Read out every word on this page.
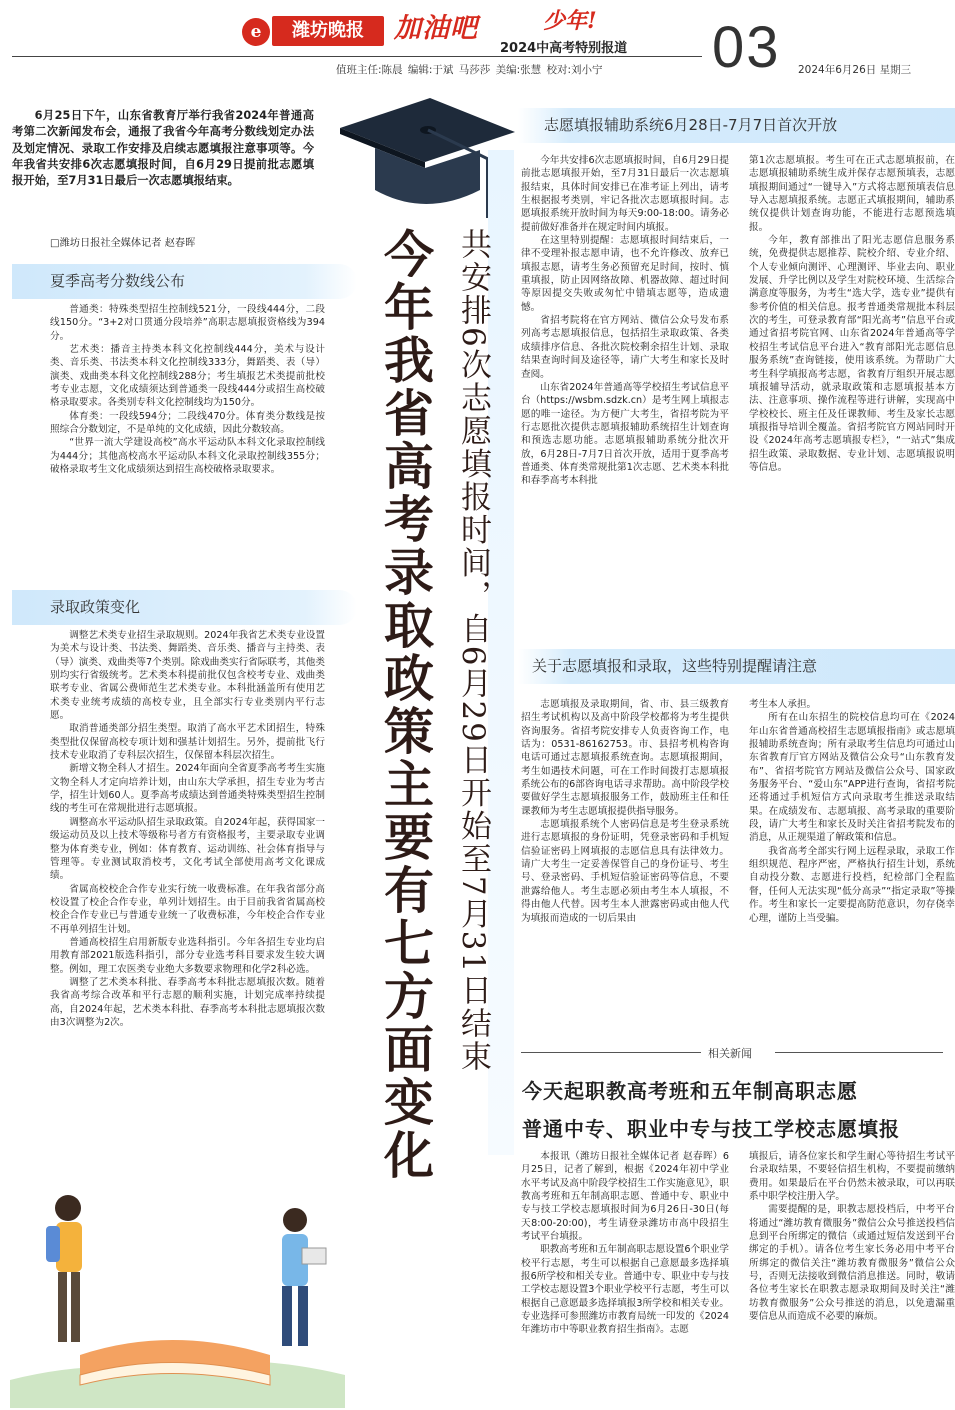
e	潍坊晚报	加油吧	少年!
2024中高考特别报道
值班主任:陈晨 编辑:于斌 马莎莎 美编:张慧 校对:刘小宁 03 2024年6月26日 星期三

6月25日下午，山东省教育厅举行我省2024年普通高考第二次新闻发布会，通报了我省今年高考分数线划定办法及划定情况、录取工作安排及启续志愿填报注意事项等。今年我省共安排6次志愿填报时间，自6月29日提前批志愿填报开始，至7月31日最后一次志愿填报结束。

□潍坊日报社全媒体记者 赵春晖	今年我省高考录取政策主要有七方面变化 共安排6次志愿填报时间，自6月29日开始至7月31日结束
夏季高考分数线公布

普通类：特殊类型招生控制线521分，一段线444分，二段线150分。“3+2对口贯通分段培养”高职志愿填报资格线为394分。

艺术类：播音主持类本科文化控制线444分，美术与设计类、音乐类、书法类本科文化控制线333分，舞蹈类、表（导）演类、戏曲类本科文化控制线288分；考生填报艺术类提前批校考专业志愿，文化成绩须达到普通类一段线444分或招生高校破格录取要求。各类别专科文化控制线均为150分。

体育类：一段线594分；二段线470分。体育类分数线是按照综合分数划定，不是单纯的文化成绩，因此分数较高。

“世界一流大学建设高校”高水平运动队本科文化录取控制线为444分；其他高校高水平运动队本科文化录取控制线355分；破格录取考生文化成绩须达到招生高校破格录取要求。

录取政策变化

调整艺术类专业招生录取规则。2024年我省艺术类专业设置为美术与设计类、书法类、舞蹈类、音乐类、播音与主持类、表（导）演类、戏曲类等7个类别。除戏曲类实行省际联考，其他类别均实行省级统考。艺术类本科提前批仅包含校考专业、戏曲类联考专业、省属公费师范生艺术类专业。本科批涵盖所有使用艺术类专业统考成绩的高校专业，且全部实行专业类别内平行志愿。

取消普通类部分招生类型。取消了高水平艺术团招生，特殊类型批仅保留高校专项计划和强基计划招生。另外，提前批飞行技术专业取消了专科层次招生，仅保留本科层次招生。

新增文物全科人才招生。2024年面向全省夏季高考考生实施文物全科人才定向培养计划，由山东大学承担，招生专业为考古学，招生计划60人。夏季高考成绩达到普通类特殊类型招生控制线的考生可在常规批进行志愿填报。

调整高水平运动队招生录取政策。自2024年起，获得国家一级运动员及以上技术等级称号者方有资格报考，主要录取专业调整为体育类专业，例如：体育教育、运动训练、社会体育指导与管理等。专业测试取消校考，文化考试全部使用高考文化课成绩。

省属高校校企合作专业实行统一收费标准。在年我省部分高校设置了校企合作专业，单列计划招生。由于目前我省省属高校校企合作专业已与普通专业统一了收费标准，今年校企合作专业不再单列招生计划。

普通高校招生启用新版专业选科指引。今年各招生专业均启用教育部2021版选科指引，部分专业选考科目要求发生较大调整。例如，理工农医类专业绝大多数要求物理和化学2科必选。

调整了艺术类本科批、春季高考本科批志愿填报次数。随着我省高考综合改革和平行志愿的顺利实施，计划完成率持续提高，自2024年起，艺术类本科批、春季高考本科批志愿填报次数由3次调整为2次。

志愿填报辅助系统6月28日-7月7日首次开放

今年共安排6次志愿填报时间，自6月29日提前批志愿填报开始，至7月31日最后一次志愿填报结束，具体时间安排已在准考证上列出，请考生根据报考类别，牢记各批次志愿填报时间。志愿填报系统开放时间为每天9:00-18:00。请务必提前做好准备并在规定时间内填报。

在这里特别提醒：志愿填报时间结束后，一律不受理补报志愿申请，也不允许修改、放弃已填报志愿，请考生务必预留充足时间，按时、慎重填报，防止因网络故障、机器故障、超过时间等原因提交失败或匆忙中错填志愿等，造成遗憾。

省招考院将在官方网站、微信公众号发布系列高考志愿填报信息，包括招生录取政策、各类成绩排序信息、各批次院校剩余招生计划、录取结果查询时间及途径等，请广大考生和家长及时查阅。

山东省2024年普通高等学校招生考试信息平台（https://wsbm.sdzk.cn）是考生网上填报志愿的唯一途径。为方便广大考生，省招考院为平行志愿批次提供志愿填报辅助系统招生计划查询和预选志愿功能。志愿填报辅助系统分批次开放，6月28日-7月7日首次开放，适用于夏季高考普通类、体育类常规批第1次志愿、艺术类本科批和春季高考本科批

第1次志愿填报。考生可在正式志愿填报前，在志愿填报辅助系统生成并保存志愿预填表，志愿填报期间通过“一键导入”方式将志愿预填表信息导入志愿填报系统。志愿正式填报期间，辅助系统仅提供计划查询功能，不能进行志愿预选填报。

今年，教育部推出了阳光志愿信息服务系统，免费提供志愿推荐、院校介绍、专业介绍、个人专业倾向测评、心理测评、毕业去向、职业发展、升学比例以及学生对院校环境、生活综合满意度等服务，为考生“选大学，选专业”提供有参考价值的相关信息。报考普通类常规批本科层次的考生，可登录教育部“阳光高考”信息平台或通过省招考院官网、山东省2024年普通高等学校招生考试信息平台进入“教育部阳光志愿信息服务系统”查询链接，使用该系统。为帮助广大考生科学填报高考志愿，省教育厅组织开展志愿填报辅导活动，就录取政策和志愿填报基本方法、注意事项、操作流程等进行讲解，实现高中学校校长、班主任及任课教师、考生及家长志愿填报指导培训全覆盖。省招考院官方网站同时开设《2024年高考志愿填报专栏》，“一站式”集成招生政策、录取数据、专业计划、志愿填报说明等信息。

关于志愿填报和录取，这些特别提醒请注意

志愿填报及录取期间，省、市、县三级教育招生考试机构以及高中阶段学校都将为考生提供咨询服务。省招考院安排专人负责咨询工作，电话为：0531-86162753。市、县招考机构咨询电话可通过志愿填报系统查询。志愿填报期间，考生如遇技术问题，可在工作时间拨打志愿填报系统公布的6部咨询电话寻求帮助。高中阶段学校要做好学生志愿填报服务工作，鼓励班主任和任课教师为考生志愿填报提供指导服务。

志愿填报系统个人密码信息是考生登录系统进行志愿填报的身份证明，凭登录密码和手机短信验证密码上网填报的志愿信息具有法律效力。请广大考生一定妥善保管自己的身份证号、考生号、登录密码、手机短信验证密码等信息，不要泄露给他人。考生志愿必须由考生本人填报，不得由他人代替。因考生本人泄露密码或由他人代为填报而造成的一切后果由

考生本人承担。

所有在山东招生的院校信息均可在《2024年山东省普通高校招生志愿填报指南》或志愿填报辅助系统查询；所有录取考生信息均可通过山东省教育厅官方网站及微信公众号“山东教育发布”、省招考院官方网站及微信公众号、国家政务服务平台、“爱山东”APP进行查询，省招考院还将通过手机短信方式向录取考生推送录取结果。在成绩发布、志愿填报、高考录取的重要阶段，请广大考生和家长及时关注省招考院发布的消息，从正规渠道了解政策和信息。

我省高考全部实行网上远程录取，录取工作组织规范、程序严密，严格执行招生计划，系统自动投分数、志愿进行投档，纪检部门全程监督，任何人无法实现“低分高录”“指定录取”等操作。考生和家长一定要提高防范意识，勿存侥幸心理，谨防上当受骗。

相关新闻
今天起职教高考班和五年制高职志愿
普通中专、职业中专与技工学校志愿填报

本报讯（潍坊日报社全媒体记者 赵春晖）6月25日，记者了解到，根据《2024年初中学业水平考试及高中阶段学校招生工作实施意见》，职教高考班和五年制高职志愿、普通中专、职业中专与技工学校志愿填报时间为6月26日-30日(每天8:00-20:00)，考生请登录潍坊市高中段招生考试平台填报。

职教高考班和五年制高职志愿设置6个职业学校平行志愿，考生可以根据自己意愿最多选择填报6所学校和相关专业。普通中专、职业中专与技工学校志愿设置3个职业学校平行志愿，考生可以根据自己意愿最多选择填报3所学校和相关专业。专业选择可参照潍坊市教育局统一印发的《2024年潍坊市中等职业教育招生指南》。志愿

填报后，请各位家长和学生耐心等待招生考试平台录取结果，不要轻信招生机构，不要提前缴纳费用。如果最后在平台仍然未被录取，可以再联系中职学校注册入学。

需要提醒的是，职教志愿投档后，中考平台将通过“潍坊教育微服务”微信公众号推送投档信息到平台所绑定的微信（或通过短信发送到平台绑定的手机）。请各位考生家长务必用中考平台所绑定的微信关注“潍坊教育微服务”微信公众号，否则无法接收到微信消息推送。同时，敬请各位考生家长在职教志愿录取期间及时关注“潍坊教育微服务”公众号推送的消息，以免遗漏重要信息从而造成不必要的麻烦。
